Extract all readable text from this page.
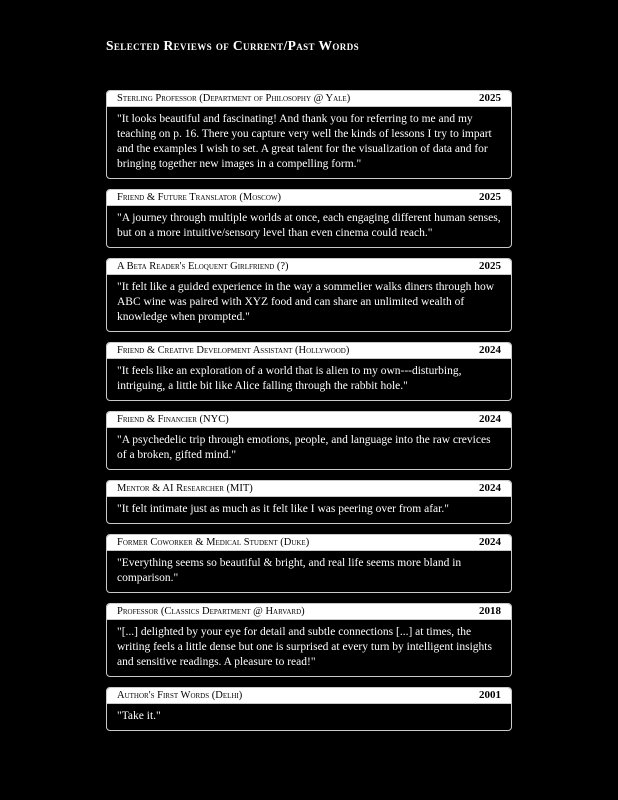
Selected Reviews of Current/Past Words
Sterling Professor (Department of Philosophy @ Yale)	2025

"It looks beautiful and fascinating! And thank you for referring to me and my teaching on p. 16. There you capture very well the kinds of lessons I try to impart and the examples I wish to set. A great talent for the visualization of data and for bringing together new images in a compelling form."

Friend & Future Translator (Moscow)	2025

"A journey through multiple worlds at once, each engaging different human senses, but on a more intuitive/sensory level than even cinema could reach."

A Beta Reader's Eloquent Girlfriend (?)	2025

"It felt like a guided experience in the way a sommelier walks diners through how ABC wine was paired with XYZ food and can share an unlimited wealth of knowledge when prompted."

Friend & Creative Development Assistant (Hollywood)	2024

"It feels like an exploration of a world that is alien to my own---disturbing, intriguing, a little bit like Alice falling through the rabbit hole."

Friend & Financier (NYC)	2024

"A psychedelic trip through emotions, people, and language into the raw crevices of a broken, gifted mind."

Mentor & AI Researcher (MIT)	2024

"It felt intimate just as much as it felt like I was peering over from afar."

Former Coworker & Medical Student (Duke)	2024

"Everything seems so beautiful & bright, and real life seems more bland in comparison."

Professor (Classics Department @ Harvard)	2018

"[...] delighted by your eye for detail and subtle connections [...] at times, the writing feels a little dense but one is surprised at every turn by intelligent insights and sensitive readings. A pleasure to read!"

Author's First Words (Delhi)	2001

"Take it."
